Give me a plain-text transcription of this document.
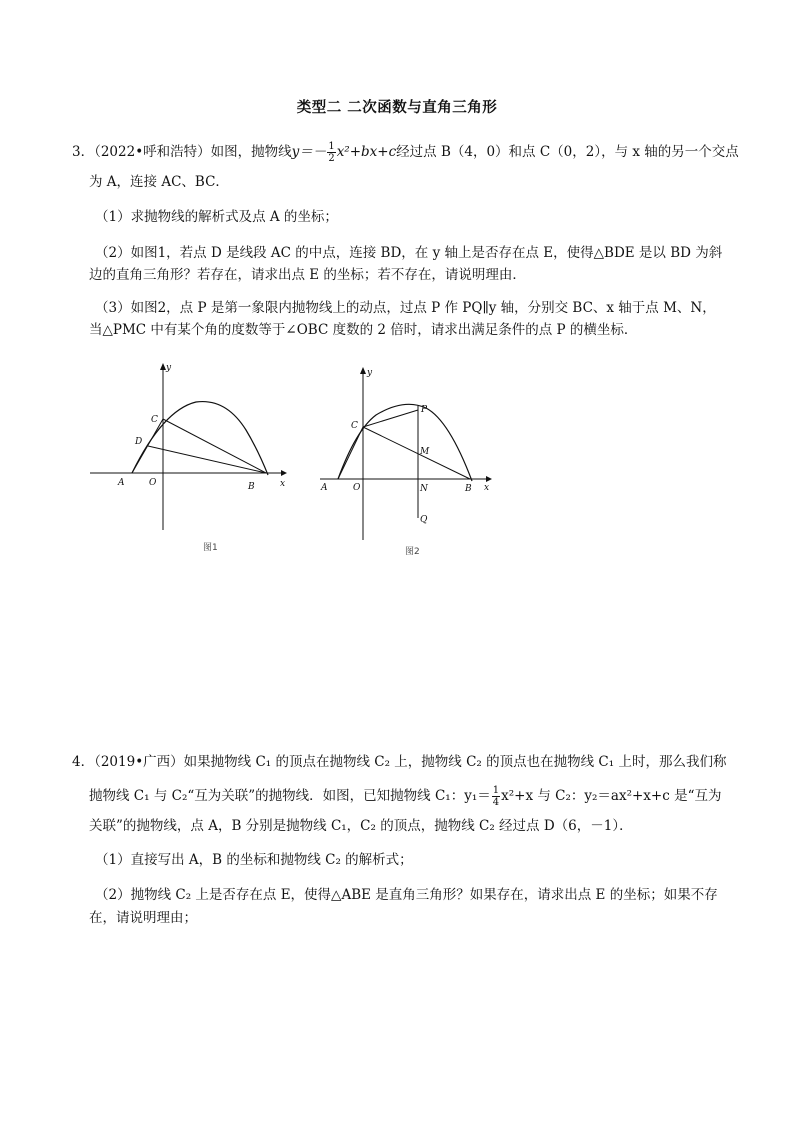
类型二 二次函数与直角三角形
3．（2022•呼和浩特）如图，抛物线$y=- \frac{1}{2} x^2+bx+c$经过点 B（4，0）和点 C（0，2），与 x 轴的另一个交点
为 A，连接 AC、BC．
（1）求抛物线的解析式及点 A 的坐标；
（2）如图1，若点 D 是线段 AC 的中点，连接 BD，在 y 轴上是否存在点 E，使得△BDE 是以 BD 为斜
边的直角三角形？若存在，请求出点 E 的坐标；若不存在，请说明理由．
（3）如图2，点 P 是第一象限内抛物线上的动点，过点 P 作 PQ∥y 轴，分别交 BC、x 轴于点 M、N，
当△PMC 中有某个角的度数等于∠OBC 度数的 2 倍时，请求出满足条件的点 P 的横坐标．
y
x
A	O	B
C
D
图1
y
x
A	O	B
C
P
M
N
Q
图2
4．（2019•广西）如果抛物线 C₁ 的顶点在抛物线 C₂ 上，抛物线 C₂ 的顶点也在抛物线 C₁ 上时，那么我们称
抛物线 C₁ 与 C₂“互为关联”的抛物线．如图，已知抛物线 C₁：$y_1= \frac{1}{4} x^2+x$ 与 C₂：y₂＝ax²+x+c 是“互为
关联”的抛物线，点 A，B 分别是抛物线 C₁，C₂ 的顶点，抛物线 C₂ 经过点 D（6，－1）．
（1）直接写出 A，B 的坐标和抛物线 C₂ 的解析式；
（2）抛物线 C₂ 上是否存在点 E，使得△ABE 是直角三角形？如果存在，请求出点 E 的坐标；如果不存
在，请说明理由；
